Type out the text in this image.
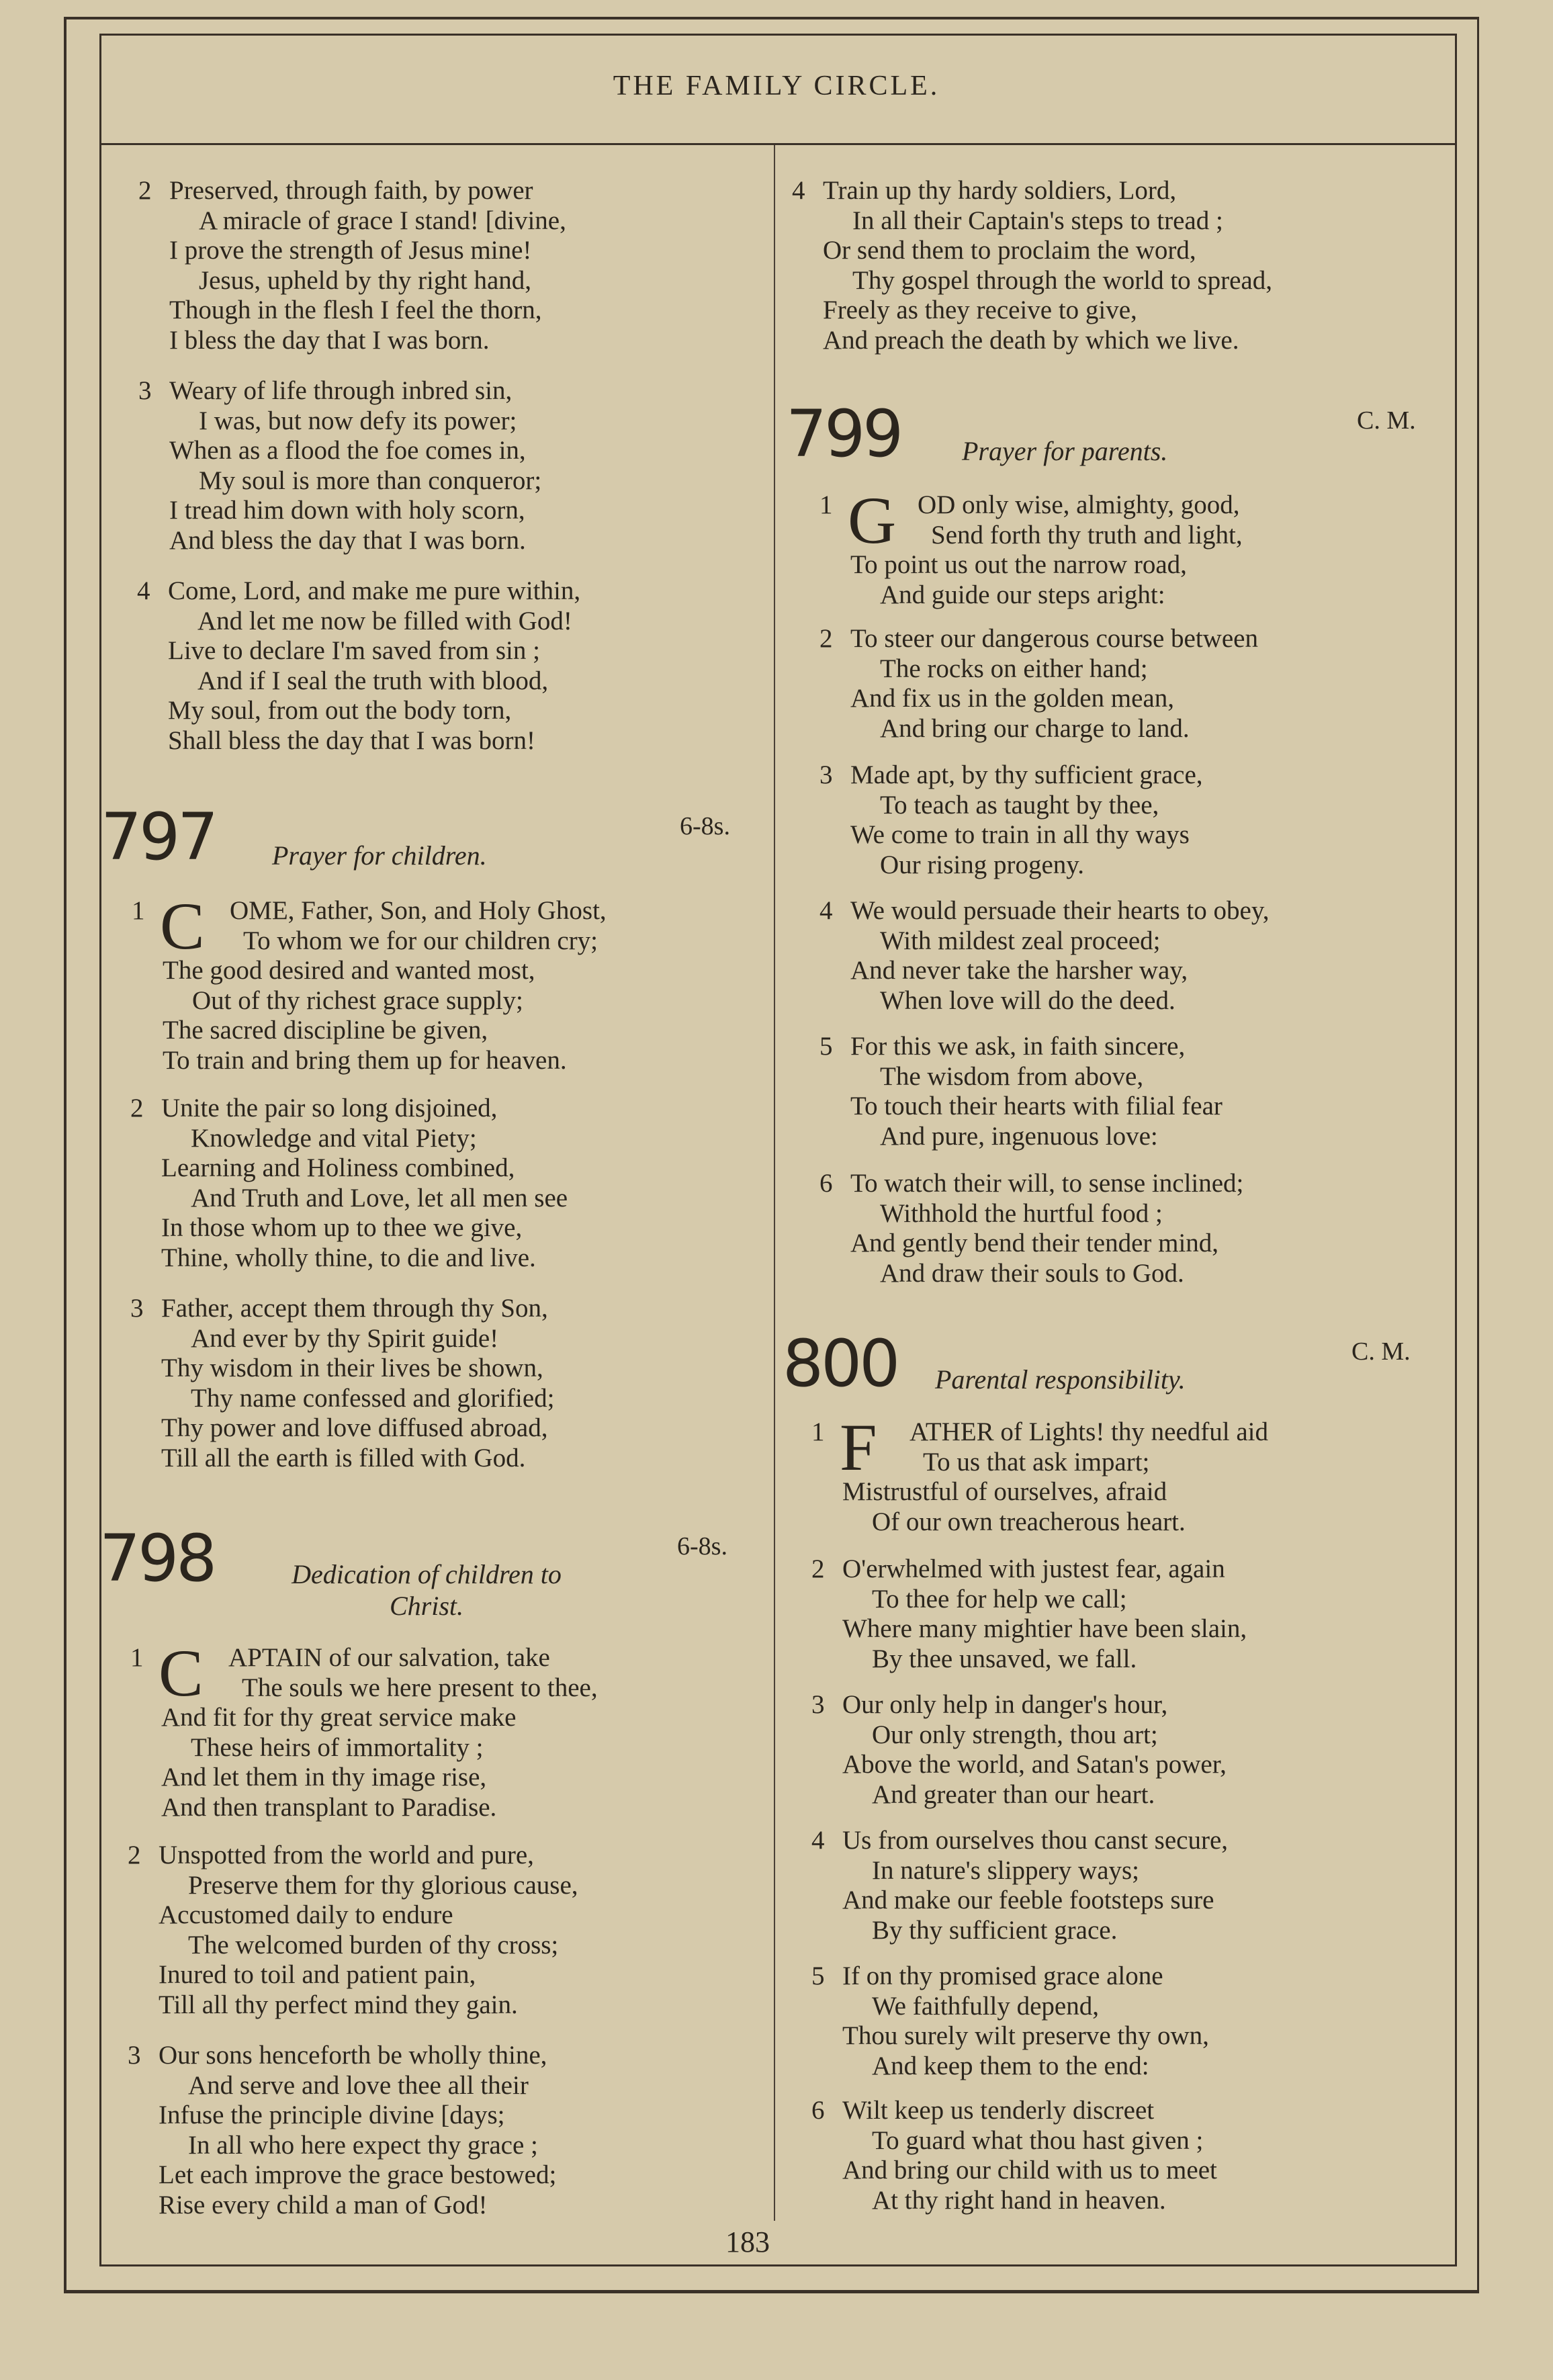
THE FAMILY CIRCLE.
2 Preserved, through faith, by power
A miracle of grace I stand! [divine,
I prove the strength of Jesus mine!
Jesus, upheld by thy right hand,
Though in the flesh I feel the thorn,
I bless the day that I was born.
3 Weary of life through inbred sin,
I was, but now defy its power;
When as a flood the foe comes in,
My soul is more than conqueror;
I tread him down with holy scorn,
And bless the day that I was born.
4 Come, Lord, and make me pure within,
And let me now be filled with God!
Live to declare I'm saved from sin ;
And if I seal the truth with blood,
My soul, from out the body torn,
Shall bless the day that I was born!
797 Prayer for children.
6-8s.
1 C OME, Father, Son, and Holy Ghost,
To whom we for our children cry;
The good desired and wanted most,
Out of thy richest grace supply;
The sacred discipline be given,
To train and bring them up for heaven.
2 Unite the pair so long disjoined,
Knowledge and vital Piety;
Learning and Holiness combined,
And Truth and Love, let all men see
In those whom up to thee we give,
Thine, wholly thine, to die and live.
3 Father, accept them through thy Son,
And ever by thy Spirit guide!
Thy wisdom in their lives be shown,
Thy name confessed and glorified;
Thy power and love diffused abroad,
Till all the earth is filled with God.
798	Dedication of children to
Christ.
6-8s.
1 C APTAIN of our salvation, take
The souls we here present to thee,
And fit for thy great service make
These heirs of immortality ;
And let them in thy image rise,
And then transplant to Paradise.
2 Unspotted from the world and pure,
Preserve them for thy glorious cause,
Accustomed daily to endure
The welcomed burden of thy cross;
Inured to toil and patient pain,
Till all thy perfect mind they gain.
3 Our sons henceforth be wholly thine,
And serve and love thee all their
Infuse the principle divine [days;
In all who here expect thy grace ;
Let each improve the grace bestowed;
Rise every child a man of God!
4 Train up thy hardy soldiers, Lord,
In all their Captain's steps to tread ;
Or send them to proclaim the word,
Thy gospel through the world to spread,
Freely as they receive to give,
And preach the death by which we live.
799 Prayer for parents.
C. M.
1 G OD only wise, almighty, good,
Send forth thy truth and light,
To point us out the narrow road,
And guide our steps aright:
2 To steer our dangerous course between
The rocks on either hand;
And fix us in the golden mean,
And bring our charge to land.
3 Made apt, by thy sufficient grace,
To teach as taught by thee,
We come to train in all thy ways
Our rising progeny.
4 We would persuade their hearts to obey,
With mildest zeal proceed;
And never take the harsher way,
When love will do the deed.
5 For this we ask, in faith sincere,
The wisdom from above,
To touch their hearts with filial fear
And pure, ingenuous love:
6 To watch their will, to sense inclined;
Withhold the hurtful food ;
And gently bend their tender mind,
And draw their souls to God.
800 Parental responsibility.
C. M.
1 F	ATHER of Lights! thy needful aid
To us that ask impart;
Mistrustful of ourselves, afraid
Of our own treacherous heart.
2 O'erwhelmed with justest fear, again
To thee for help we call;
Where many mightier have been slain,
By thee unsaved, we fall.
3 Our only help in danger's hour,
Our only strength, thou art;
Above the world, and Satan's power,
And greater than our heart.
4 Us from ourselves thou canst secure,
In nature's slippery ways;
And make our feeble footsteps sure
By thy sufficient grace.
5 If on thy promised grace alone
We faithfully depend,
Thou surely wilt preserve thy own,
And keep them to the end:
6 Wilt keep us tenderly discreet
To guard what thou hast given ;
And bring our child with us to meet
At thy right hand in heaven.
183
